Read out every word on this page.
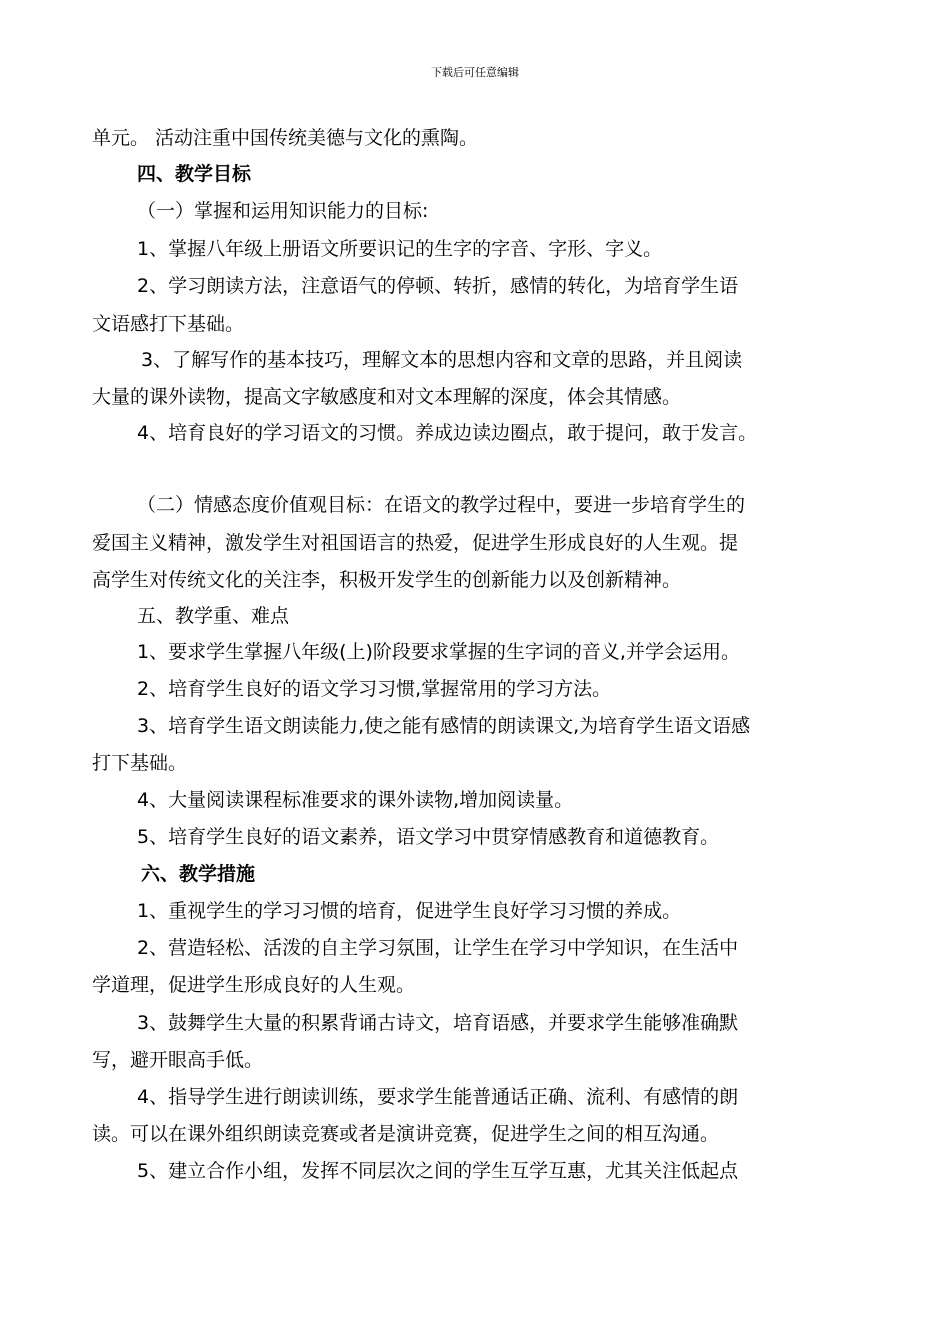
下载后可任意编辑
单元。 活动注重中国传统美德与文化的熏陶。
四、教学目标
（一）掌握和运用知识能力的目标:
1、掌握八年级上册语文所要识记的生字的字音、字形、字义。
2、学习朗读方法，注意语气的停顿、转折，感情的转化，为培育学生语
文语感打下基础。
3、了解写作的基本技巧，理解文本的思想内容和文章的思路，并且阅读
大量的课外读物，提高文字敏感度和对文本理解的深度，体会其情感。
4、培育良好的学习语文的习惯。养成边读边圈点，敢于提问，敢于发言。
（二）情感态度价值观目标：在语文的教学过程中，要进一步培育学生的
爱国主义精神，激发学生对祖国语言的热爱，促进学生形成良好的人生观。提
高学生对传统文化的关注李，积极开发学生的创新能力以及创新精神。
五、教学重、难点
1、要求学生掌握八年级(上)阶段要求掌握的生字词的音义,并学会运用。
2、培育学生良好的语文学习习惯,掌握常用的学习方法。
3、培育学生语文朗读能力,使之能有感情的朗读课文,为培育学生语文语感
打下基础。
4、大量阅读课程标准要求的课外读物,增加阅读量。
5、培育学生良好的语文素养，语文学习中贯穿情感教育和道德教育。
六、教学措施
1、重视学生的学习习惯的培育，促进学生良好学习习惯的养成。
2、营造轻松、活泼的自主学习氛围，让学生在学习中学知识，在生活中
学道理，促进学生形成良好的人生观。
3、鼓舞学生大量的积累背诵古诗文，培育语感，并要求学生能够准确默
写，避开眼高手低。
4、指导学生进行朗读训练，要求学生能普通话正确、流利、有感情的朗
读。可以在课外组织朗读竞赛或者是演讲竞赛，促进学生之间的相互沟通。
5、建立合作小组，发挥不同层次之间的学生互学互惠，尤其关注低起点
